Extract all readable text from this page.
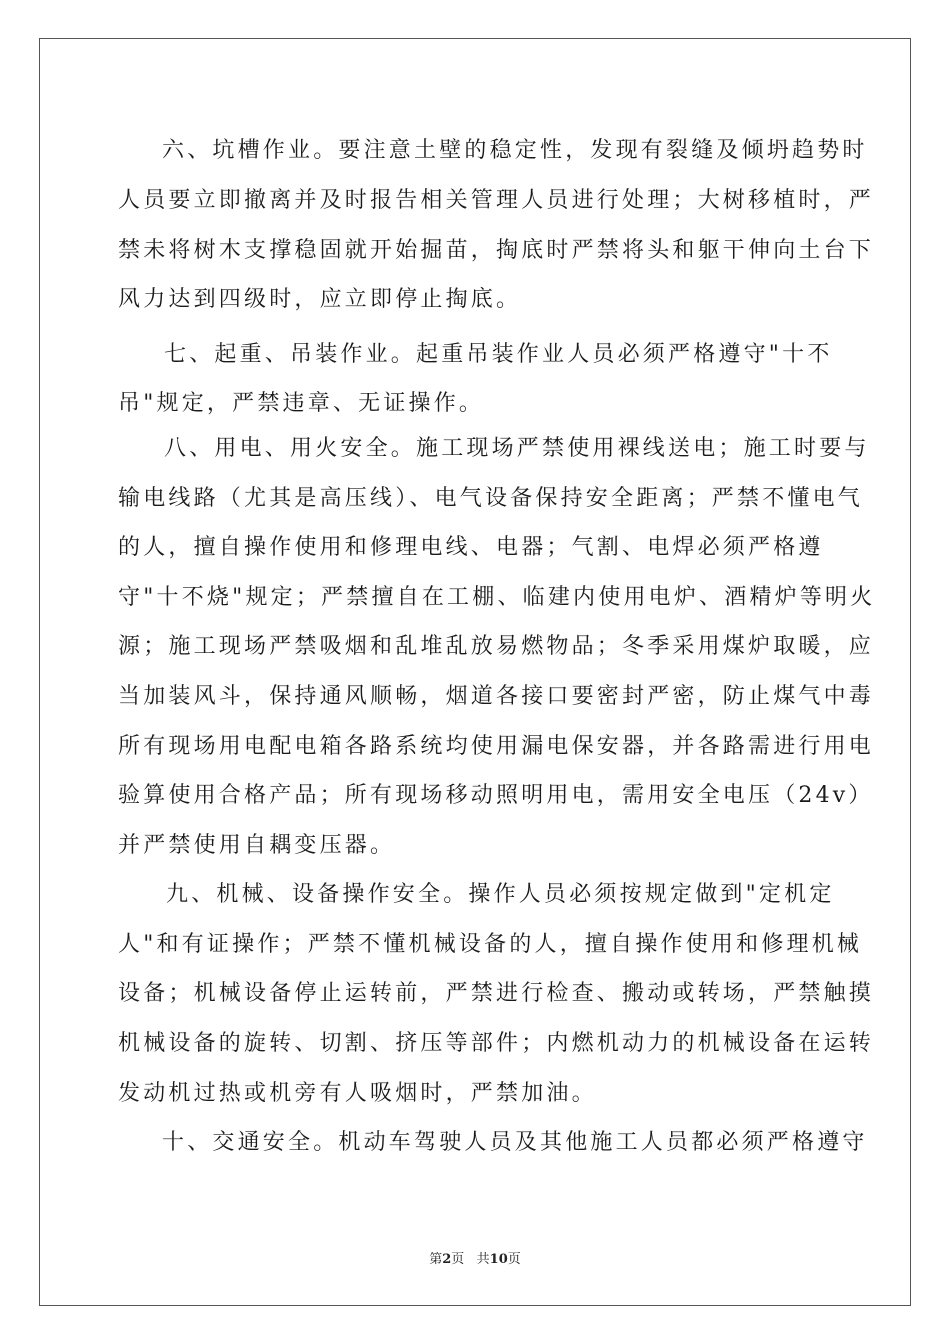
六、坑槽作业。要注意土壁的稳定性，发现有裂缝及倾坍趋势时
人员要立即撤离并及时报告相关管理人员进行处理；大树移植时，严
禁未将树木支撑稳固就开始掘苗，掏底时严禁将头和躯干伸向土台下
风力达到四级时，应立即停止掏底。
七、起重、吊装作业。起重吊装作业人员必须严格遵守"十不
吊"规定，严禁违章、无证操作。
八、用电、用火安全。施工现场严禁使用裸线送电；施工时要与
输电线路（尤其是高压线）、电气设备保持安全距离；严禁不懂电气
的人，擅自操作使用和修理电线、电器；气割、电焊必须严格遵
守"十不烧"规定；严禁擅自在工棚、临建内使用电炉、酒精炉等明火
源；施工现场严禁吸烟和乱堆乱放易燃物品；冬季采用煤炉取暖，应
当加装风斗，保持通风顺畅，烟道各接口要密封严密，防止煤气中毒
所有现场用电配电箱各路系统均使用漏电保安器，并各路需进行用电
验算使用合格产品；所有现场移动照明用电，需用安全电压（24v）
并严禁使用自耦变压器。
九、机械、设备操作安全。操作人员必须按规定做到"定机定
人"和有证操作；严禁不懂机械设备的人，擅自操作使用和修理机械
设备；机械设备停止运转前，严禁进行检查、搬动或转场，严禁触摸
机械设备的旋转、切割、挤压等部件；内燃机动力的机械设备在运转
发动机过热或机旁有人吸烟时，严禁加油。
十、交通安全。机动车驾驶人员及其他施工人员都必须严格遵守
第2页   共10页
